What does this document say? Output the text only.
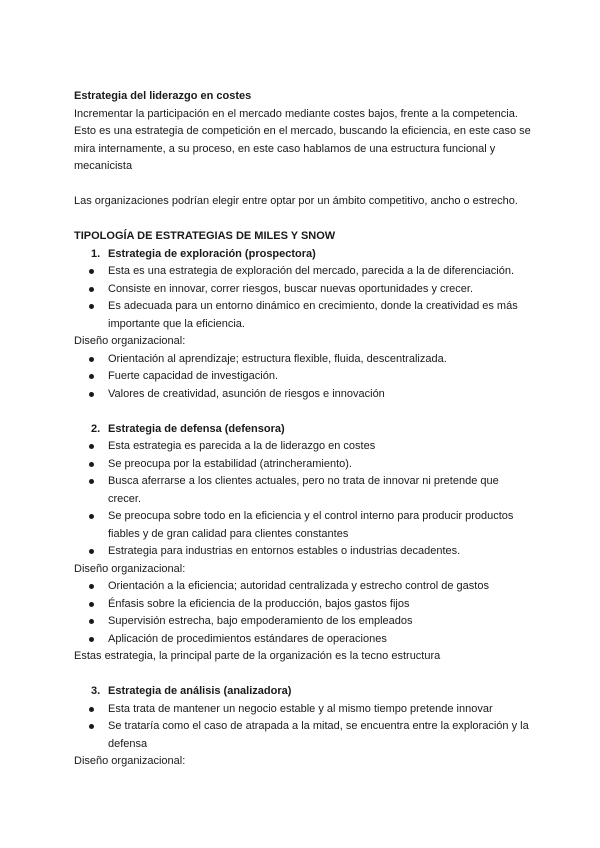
Estrategia del liderazgo en costes

Incrementar la participación en el mercado mediante costes bajos, frente a la competencia.

Esto es una estrategia de competición en el mercado, buscando la eficiencia, en este caso se

mira internamente, a su proceso, en este caso hablamos de una estructura funcional y

mecanicista

Las organizaciones podrían elegir entre optar por un ámbito competitivo, ancho o estrecho.

TIPOLOGÍA DE ESTRATEGIAS DE MILES Y SNOW

1. Estrategia de exploración (prospectora)
Esta es una estrategia de exploración del mercado, parecida a la de diferenciación.
Consiste en innovar, correr riesgos, buscar nuevas oportunidades y crecer.
Es adecuada para un entorno dinámico en crecimiento, donde la creatividad es más importante que la eficiencia.

Diseño organizacional:

Orientación al aprendizaje; estructura flexible, fluida, descentralizada.
Fuerte capacidad de investigación.
Valores de creatividad, asunción de riesgos e innovación
2. Estrategia de defensa (defensora)
Esta estrategia es parecida a la de liderazgo en costes
Se preocupa por la estabilidad (atrincheramiento).
Busca aferrarse a los clientes actuales, pero no trata de innovar ni pretende que crecer.
Se preocupa sobre todo en la eficiencia y el control interno para producir productos fiables y de gran calidad para clientes constantes
Estrategia para industrias en entornos estables o industrias decadentes.

Diseño organizacional:

Orientación a la eficiencia; autoridad centralizada y estrecho control de gastos
Énfasis sobre la eficiencia de la producción, bajos gastos fijos
Supervisión estrecha, bajo empoderamiento de los empleados
Aplicación de procedimientos estándares de operaciones

Estas estrategia, la principal parte de la organización es la tecno estructura

3. Estrategia de análisis (analizadora)
Esta trata de mantener un negocio estable y al mismo tiempo pretende innovar
Se trataría como el caso de atrapada a la mitad, se encuentra entre la exploración y la defensa

Diseño organizacional:
